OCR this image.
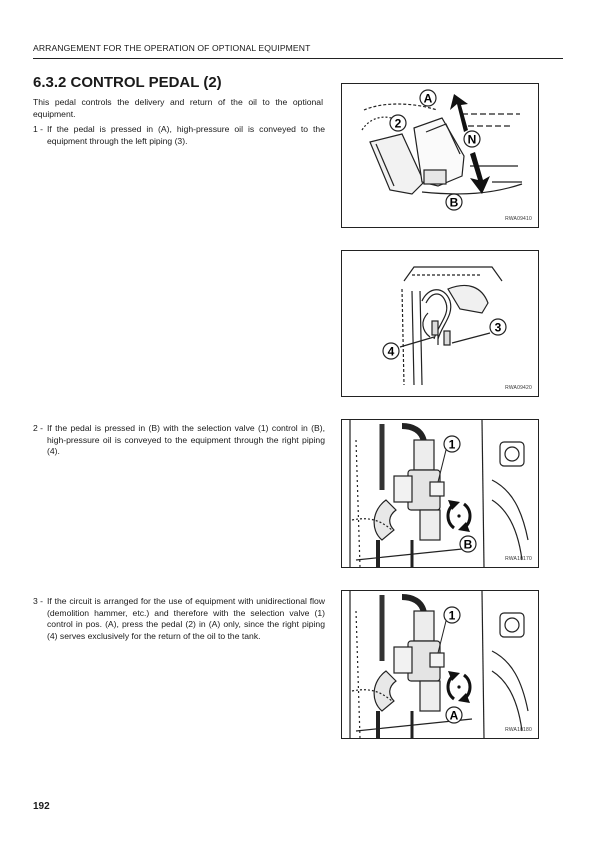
ARRANGEMENT FOR THE OPERATION OF OPTIONAL EQUIPMENT
6.3.2 CONTROL PEDAL (2)
This pedal controls the delivery and return of the oil to the optional equipment.
1 - If the pedal is pressed in (A), high-pressure oil is conveyed to the equipment through the left piping (3).
2 - If the pedal is pressed in (B) with the selection valve (1) control in (B), high-pressure oil is conveyed to the equipment through the right piping (4).
3 - If the circuit is arranged for the use of equipment with unidirectional flow (demolition hammer, etc.) and therefore with the selection valve (1) control in pos. (A), press the pedal (2) in (A) only, since the right piping (4) serves exclusively for the return of the oil to the tank.
A
N
B
2
RWA09410
4
3
RWA09420
1
B
RWA10170
1
A
RWA10180
192
